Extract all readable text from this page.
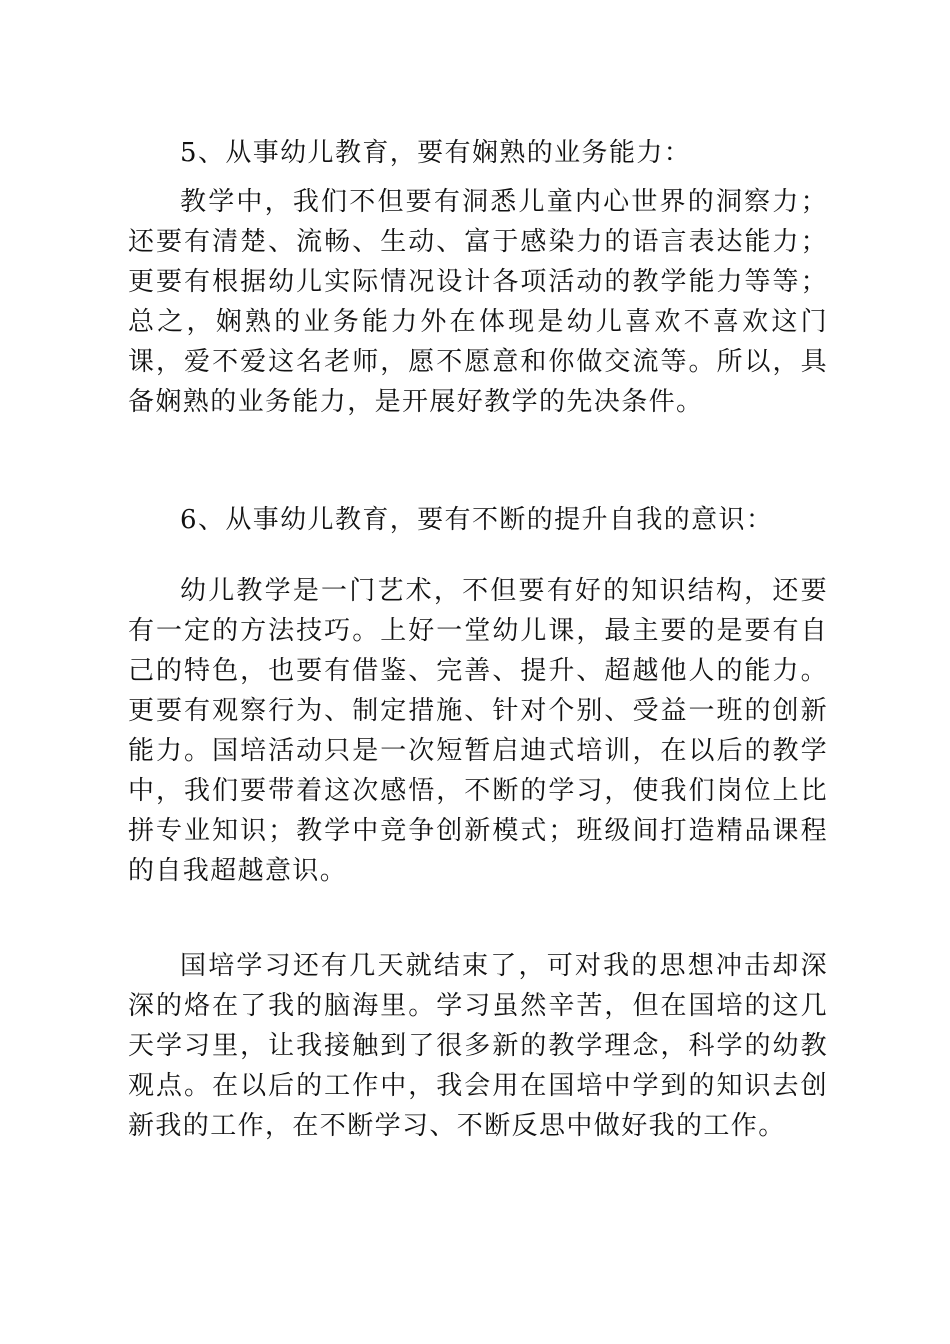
5、从事幼儿教育，要有娴熟的业务能力：

教学中，我们不但要有洞悉儿童内心世界的洞察力；还要有清楚、流畅、生动、富于感染力的语言表达能力；更要有根据幼儿实际情况设计各项活动的教学能力等等；总之，娴熟的业务能力外在体现是幼儿喜欢不喜欢这门课，爱不爱这名老师，愿不愿意和你做交流等。所以，具备娴熟的业务能力，是开展好教学的先决条件。

6、从事幼儿教育，要有不断的提升自我的意识：

幼儿教学是一门艺术，不但要有好的知识结构，还要有一定的方法技巧。上好一堂幼儿课，最主要的是要有自己的特色，也要有借鉴、完善、提升、超越他人的能力。更要有观察行为、制定措施、针对个别、受益一班的创新能力。国培活动只是一次短暂启迪式培训，在以后的教学中，我们要带着这次感悟，不断的学习，使我们岗位上比拼专业知识；教学中竞争创新模式；班级间打造精品课程的自我超越意识。

国培学习还有几天就结束了，可对我的思想冲击却深深的烙在了我的脑海里。学习虽然辛苦，但在国培的这几天学习里，让我接触到了很多新的教学理念，科学的幼教观点。在以后的工作中，我会用在国培中学到的知识去创新我的工作，在不断学习、不断反思中做好我的工作。
